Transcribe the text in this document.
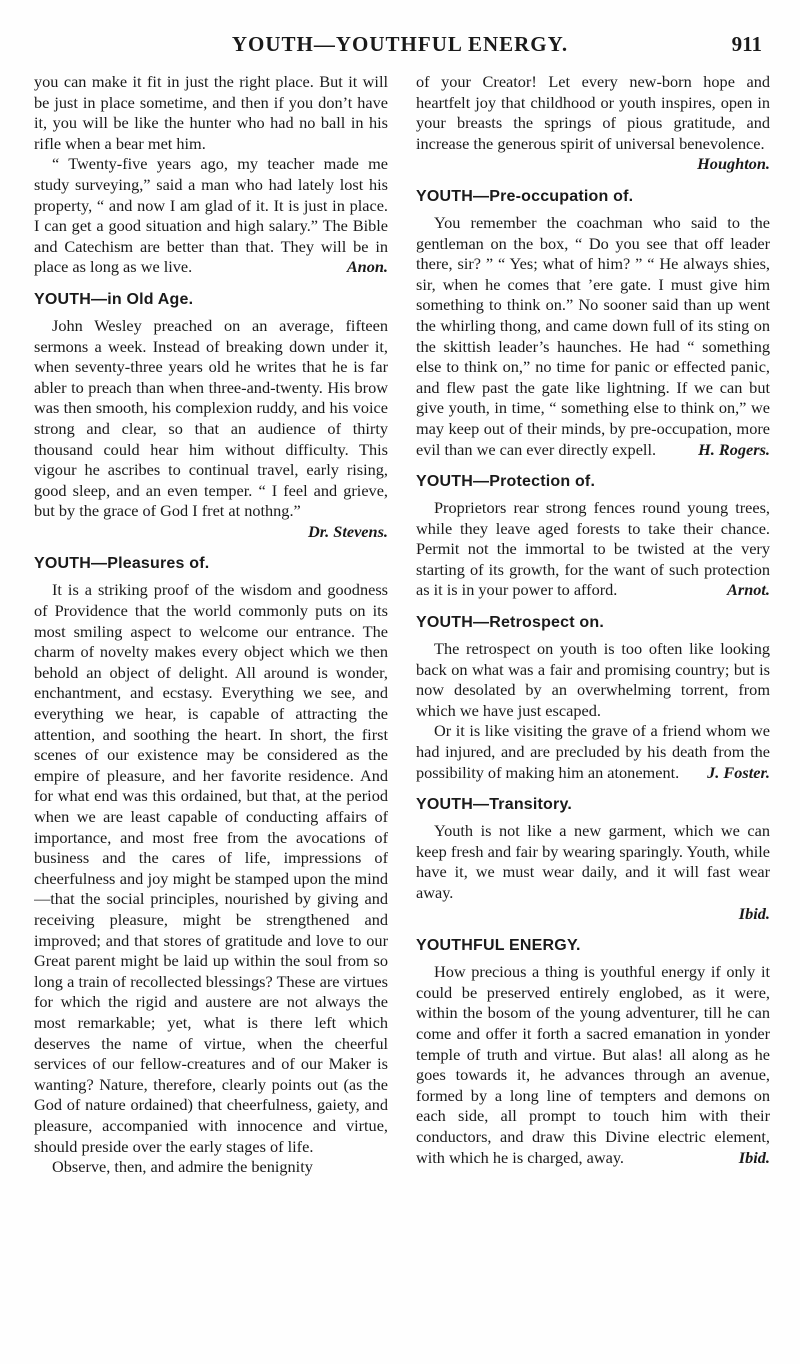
YOUTH—YOUTHFUL ENERGY.	911

you can make it fit in just the right place. But it will be just in place sometime, and then if you don’t have it, you will be like the hunter who had no ball in his rifle when a bear met him.

“ Twenty-five years ago, my teacher made me study surveying,” said a man who had lately lost his property, “ and now I am glad of it. It is just in place. I can get a good situation and high salary.” The Bible and Catechism are better than that. They will be in place as long as we live.	Anon.

YOUTH—in Old Age.

John Wesley preached on an average, fifteen sermons a week. Instead of breaking down under it, when seventy-three years old he writes that he is far abler to preach than when three-and-twenty. His brow was then smooth, his complexion ruddy, and his voice strong and clear, so that an audience of thirty thousand could hear him without difficulty. This vigour he ascribes to continual travel, early rising, good sleep, and an even temper. “ I feel and grieve, but by the grace of God I fret at nothng.”
Dr. Stevens.

YOUTH—Pleasures of.

It is a striking proof of the wisdom and goodness of Providence that the world commonly puts on its most smiling aspect to welcome our entrance. The charm of novelty makes every object which we then behold an object of delight. All around is wonder, enchantment, and ecstasy. Everything we see, and everything we hear, is capable of attracting the attention, and soothing the heart. In short, the first scenes of our existence may be considered as the empire of pleasure, and her favorite residence. And for what end was this ordained, but that, at the period when we are least capable of conducting affairs of importance, and most free from the avocations of business and the cares of life, impressions of cheerfulness and joy might be stamped upon the mind—that the social principles, nourished by giving and receiving pleasure, might be strengthened and improved; and that stores of gratitude and love to our Great parent might be laid up within the soul from so long a train of recollected blessings? These are virtues for which the rigid and austere are not always the most remarkable; yet, what is there left which deserves the name of virtue, when the cheerful services of our fellow-creatures and of our Maker is wanting? Nature, therefore, clearly points out (as the God of nature ordained) that cheerfulness, gaiety, and pleasure, accompanied with innocence and virtue, should preside over the early stages of life.

Observe, then, and admire the benignity

of your Creator! Let every new-born hope and heartfelt joy that childhood or youth inspires, open in your breasts the springs of pious gratitude, and increase the generous spirit of universal benevolence.

Houghton.
YOUTH—Pre-occupation of.

You remember the coachman who said to the gentleman on the box, “ Do you see that off leader there, sir? ” “ Yes; what of him? ” “ He always shies, sir, when he comes that ’ere gate. I must give him something to think on.” No sooner said than up went the whirling thong, and came down full of its sting on the skittish leader’s haunches. He had “ something else to think on,” no time for panic or effected panic, and flew past the gate like lightning. If we can but give youth, in time, “ something else to think on,” we may keep out of their minds, by pre-occupation, more evil than we can ever directly expell.	H. Rogers.

YOUTH—Protection of.

Proprietors rear strong fences round young trees, while they leave aged forests to take their chance. Permit not the immortal to be twisted at the very starting of its growth, for the want of such protection as it is in your power to afford.	Arnot.

YOUTH—Retrospect on.

The retrospect on youth is too often like looking back on what was a fair and promising country; but is now desolated by an overwhelming torrent, from which we have just escaped.

Or it is like visiting the grave of a friend whom we had injured, and are precluded by his death from the possibility of making him an atonement.	J. Foster.

YOUTH—Transitory.

Youth is not like a new garment, which we can keep fresh and fair by wearing sparingly. Youth, while have it, we must wear daily, and it will fast wear away.

Ibid.
YOUTHFUL ENERGY.

How precious a thing is youthful energy if only it could be preserved entirely englobed, as it were, within the bosom of the young adventurer, till he can come and offer it forth a sacred emanation in yonder temple of truth and virtue. But alas! all along as he goes towards it, he advances through an avenue, formed by a long line of tempters and demons on each side, all prompt to touch him with their conductors, and draw this Divine electric element, with which he is charged, away.	Ibid.
